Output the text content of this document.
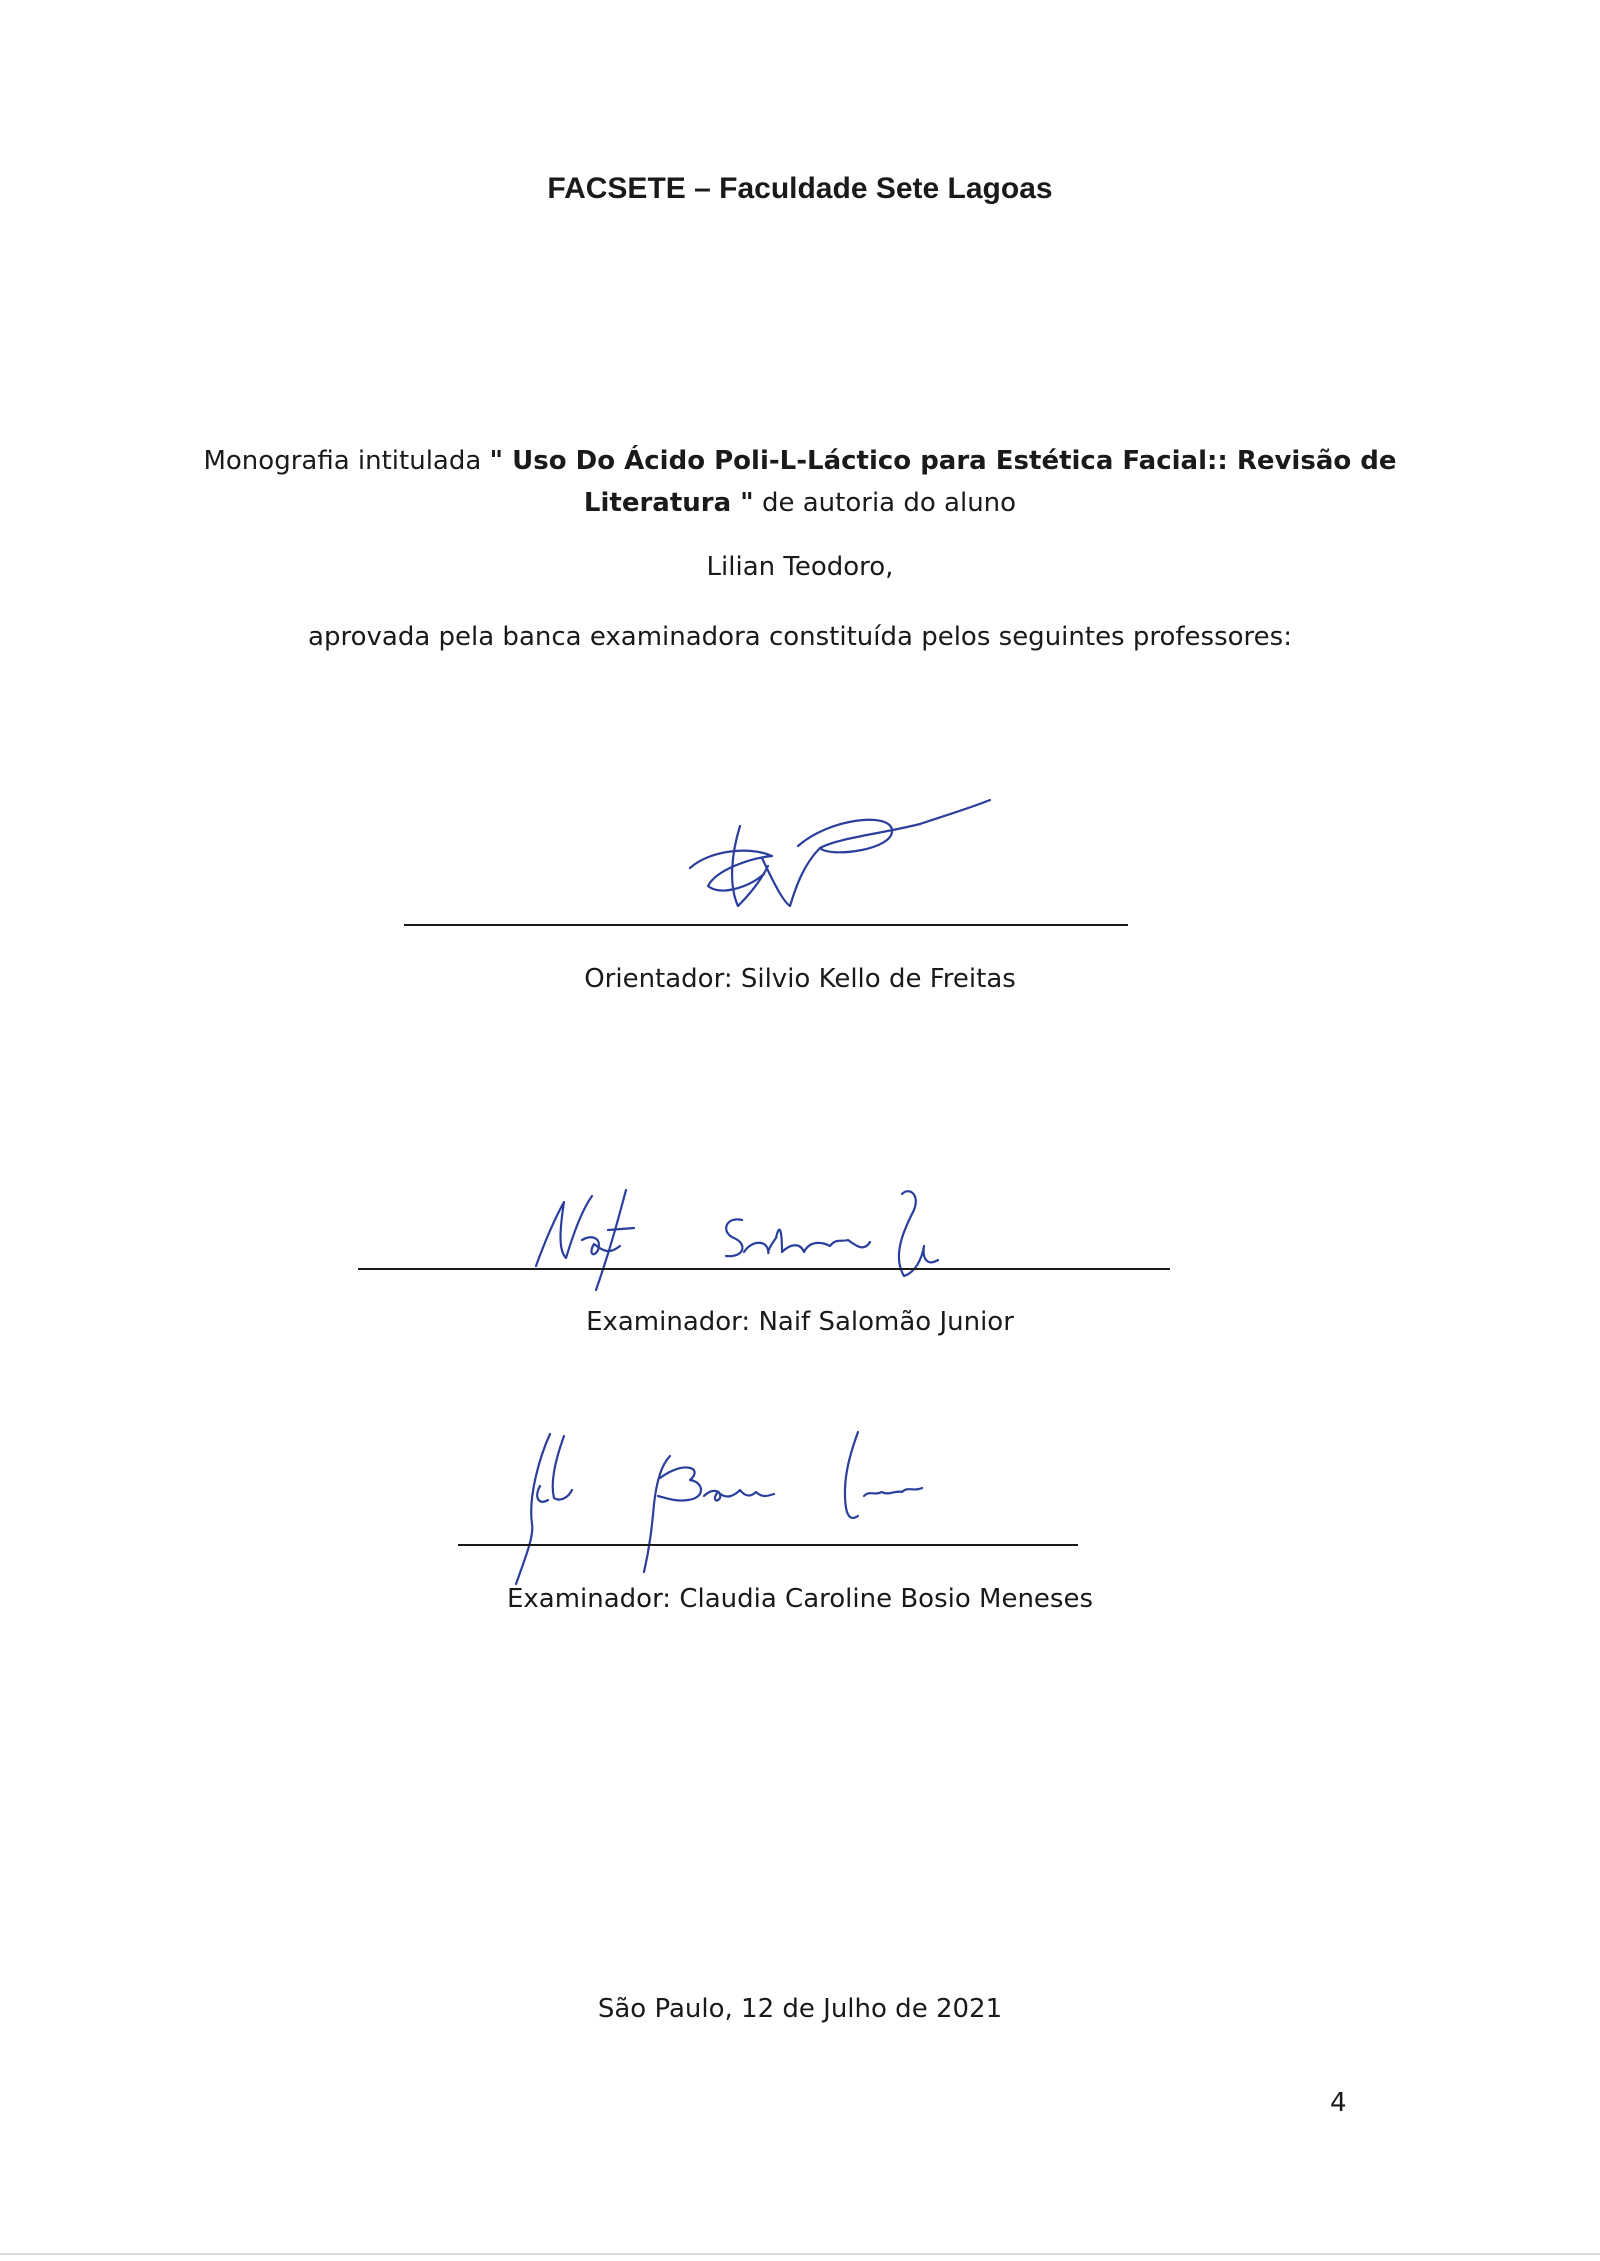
FACSETE – Faculdade Sete Lagoas
Monografia intitulada " Uso Do Ácido Poli-L-Láctico para Estética Facial:: Revisão de Literatura " de autoria do aluno
Lilian Teodoro,
aprovada pela banca examinadora constituída pelos seguintes professores:
Orientador: Silvio Kello de Freitas
Examinador: Naif Salomão Junior
Examinador: Claudia Caroline Bosio Meneses
São Paulo, 12 de Julho de 2021
4
